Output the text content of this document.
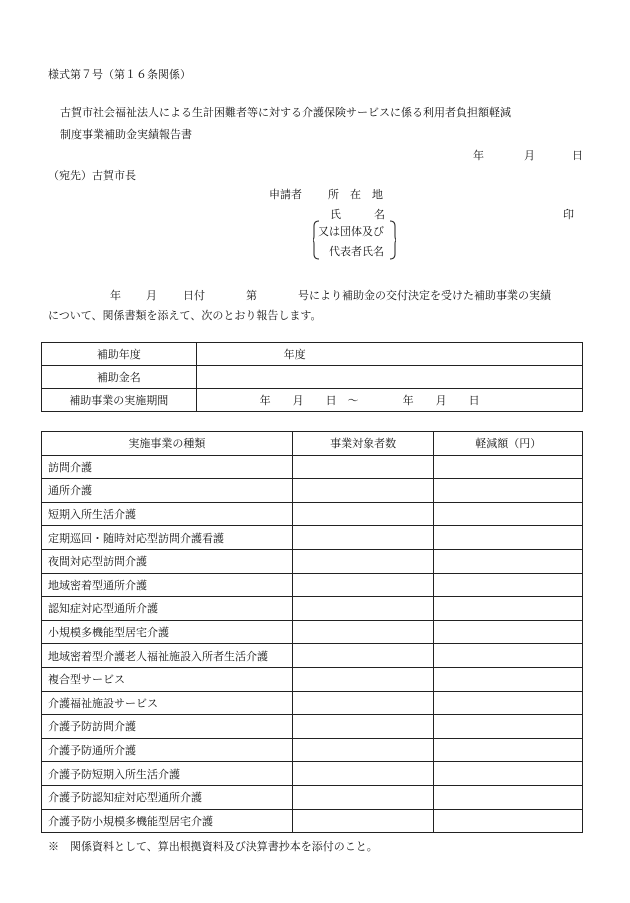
様式第７号（第１６条関係）
古賀市社会福祉法人による生計困難者等に対する介護保険サービスに係る利用者負担額軽減
制度事業補助金実績報告書
年	月	日
（宛先）古賀市長
申請者 所　在　地
氏　　　名	印
又は団体及び
代表者氏名
年 月 日付	第	号により補助金の交付決定を受けた補助事業の実績
について、関係書類を添えて、次のとおり報告します。
補助年度	年度
補助金名	
補助事業の実施期間	年　　月　　日　～　　　　年　　月　　日
実施事業の種類	事業対象者数	軽減額（円）
訪問介護		
通所介護		
短期入所生活介護		
定期巡回・随時対応型訪問介護看護		
夜間対応型訪問介護		
地域密着型通所介護		
認知症対応型通所介護		
小規模多機能型居宅介護		
地域密着型介護老人福祉施設入所者生活介護		
複合型サービス		
介護福祉施設サービス		
介護予防訪問介護		
介護予防通所介護		
介護予防短期入所生活介護		
介護予防認知症対応型通所介護		
介護予防小規模多機能型居宅介護		
※　関係資料として、算出根拠資料及び決算書抄本を添付のこと。
